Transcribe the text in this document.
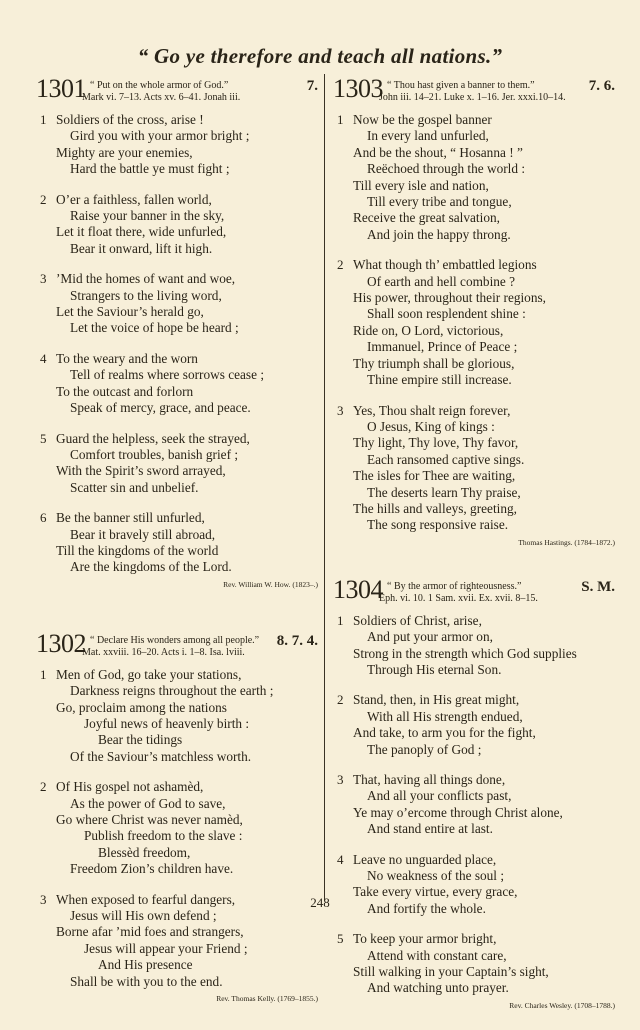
“ Go ye therefore and teach all nations.”
1301 “ Put on the whole armor of God.”
Mark vi. 7–13. Acts xv. 6–41. Jonah iii.
7.
1 Soldiers of the cross, arise !
Gird you with your armor bright ;
Mighty are your enemies,
Hard the battle ye must fight ;
2 O’er a faithless, fallen world,
Raise your banner in the sky,
Let it float there, wide unfurled,
Bear it onward, lift it high.
3 ’Mid the homes of want and woe,
Strangers to the living word,
Let the Saviour’s herald go,
Let the voice of hope be heard ;
4 To the weary and the worn
Tell of realms where sorrows cease ;
To the outcast and forlorn
Speak of mercy, grace, and peace.
5 Guard the helpless, seek the strayed,
Comfort troubles, banish grief ;
With the Spirit’s sword arrayed,
Scatter sin and unbelief.
6 Be the banner still unfurled,
Bear it bravely still abroad,
Till the kingdoms of the world
Are the kingdoms of the Lord.
Rev. William W. How. (1823–.)
1302 “ Declare His wonders among all people.”
Mat. xxviii. 16–20. Acts i. 1–8. Isa. lviii.
8. 7. 4.
1 Men of God, go take your stations,
Darkness reigns throughout the earth ;
Go, proclaim among the nations
Joyful news of heavenly birth :
Bear the tidings
Of the Saviour’s matchless worth.
2 Of His gospel not ashamèd,
As the power of God to save,
Go where Christ was never namèd,
Publish freedom to the slave :
Blessèd freedom,
Freedom Zion’s children have.
3 When exposed to fearful dangers,
Jesus will His own defend ;
Borne afar ’mid foes and strangers,
Jesus will appear your Friend ;
And His presence
Shall be with you to the end.
Rev. Thomas Kelly. (1769–1855.)
1303 “ Thou hast given a banner to them.”
John iii. 14–21. Luke x. 1–16. Jer. xxxi.10–14.
7. 6.
1 Now be the gospel banner
In every land unfurled,
And be the shout, “ Hosanna ! ”
Reëchoed through the world :
Till every isle and nation,
Till every tribe and tongue,
Receive the great salvation,
And join the happy throng.
2 What though th’ embattled legions
Of earth and hell combine ?
His power, throughout their regions,
Shall soon resplendent shine :
Ride on, O Lord, victorious,
Immanuel, Prince of Peace ;
Thy triumph shall be glorious,
Thine empire still increase.
3 Yes, Thou shalt reign forever,
O Jesus, King of kings :
Thy light, Thy love, Thy favor,
Each ransomed captive sings.
The isles for Thee are waiting,
The deserts learn Thy praise,
The hills and valleys, greeting,
The song responsive raise.
Thomas Hastings. (1784–1872.)
1304 “ By the armor of righteousness.”
Eph. vi. 10. 1 Sam. xvii. Ex. xvii. 8–15.
S. M.
1 Soldiers of Christ, arise,
And put your armor on,
Strong in the strength which God supplies
Through His eternal Son.
2 Stand, then, in His great might,
With all His strength endued,
And take, to arm you for the fight,
The panoply of God ;
3 That, having all things done,
And all your conflicts past,
Ye may o’ercome through Christ alone,
And stand entire at last.
4 Leave no unguarded place,
No weakness of the soul ;
Take every virtue, every grace,
And fortify the whole.
5 To keep your armor bright,
Attend with constant care,
Still walking in your Captain’s sight,
And watching unto prayer.
Rev. Charles Wesley. (1708–1788.)
248
